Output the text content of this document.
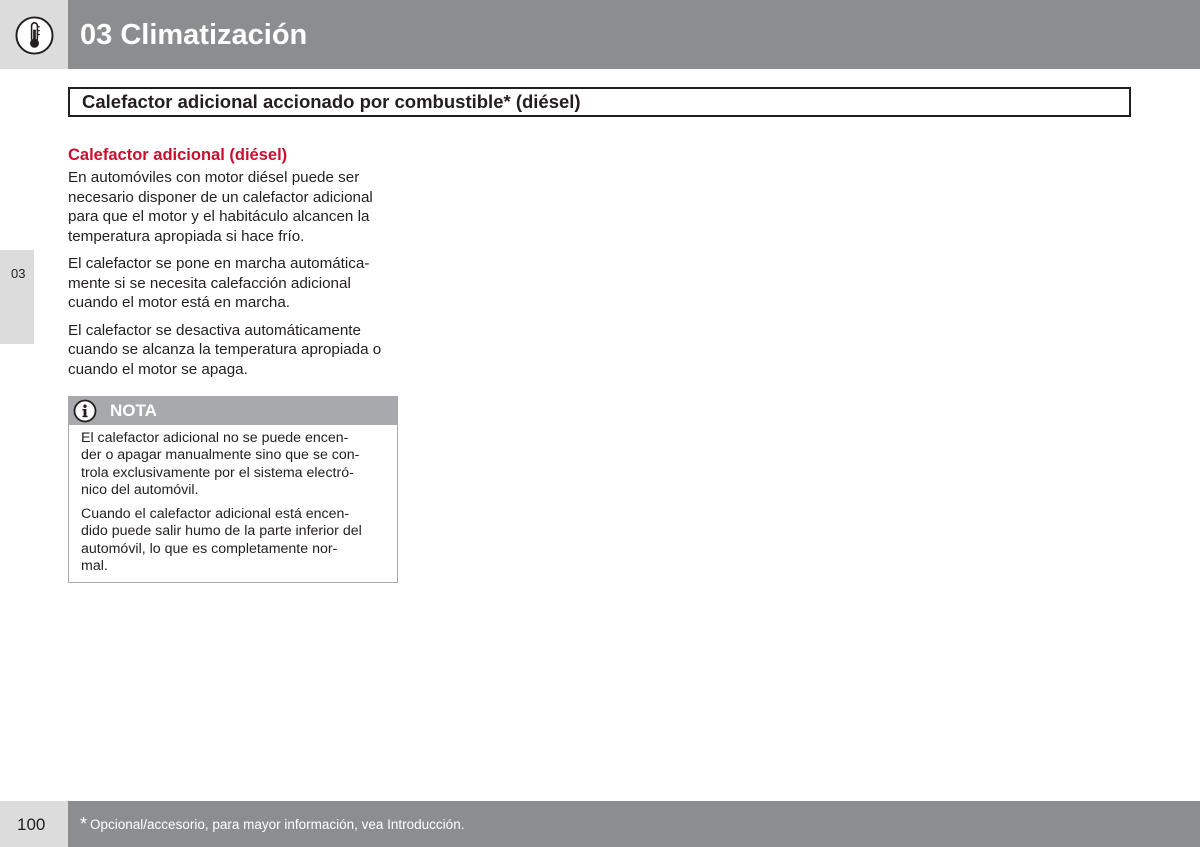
03 Climatización
Calefactor adicional accionado por combustible* (diésel)
03
Calefactor adicional (diésel)

En automóviles con motor diésel puede ser
necesario disponer de un calefactor adicional
para que el motor y el habitáculo alcancen la
temperatura apropiada si hace frío.

El calefactor se pone en marcha automática-
mente si se necesita calefacción adicional
cuando el motor está en marcha.

El calefactor se desactiva automáticamente
cuando se alcanza la temperatura apropiada o
cuando el motor se apaga.

NOTA

El calefactor adicional no se puede encen-
der o apagar manualmente sino que se con-
trola exclusivamente por el sistema electró-
nico del automóvil.

Cuando el calefactor adicional está encen-
dido puede salir humo de la parte inferior del
automóvil, lo que es completamente nor-
mal.

100 * Opcional/accesorio, para mayor información, vea Introducción.
